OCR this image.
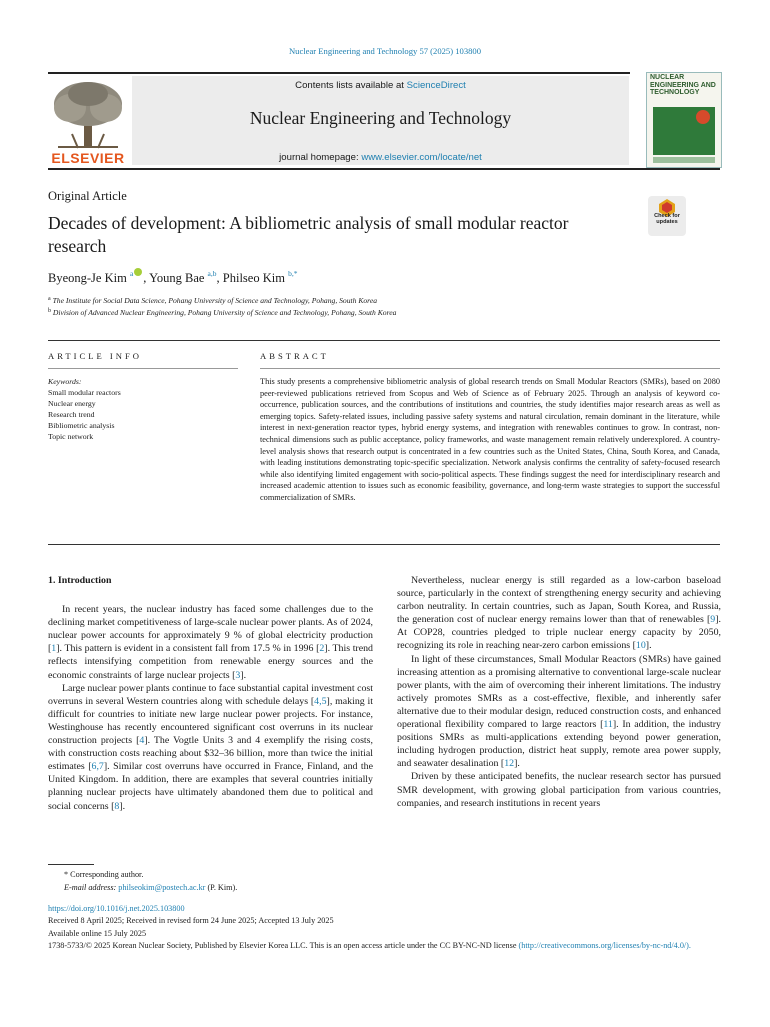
Nuclear Engineering and Technology 57 (2025) 103800
ELSEVIER
Contents lists available at ScienceDirect
Nuclear Engineering and Technology
journal homepage: www.elsevier.com/locate/net
NUCLEAR ENGINEERING AND TECHNOLOGY
Original Article
Decades of development: A bibliometric analysis of small modular reactor research
Check for updates
Byeong-Je Kim $^a$ , Young Bae $^{a,b}$, Philseo Kim $^{b,*}$
$^a$ The Institute for Social Data Science, Pohang University of Science and Technology, Pohang, South Korea
$^b$ Division of Advanced Nuclear Engineering, Pohang University of Science and Technology, Pohang, South Korea
ARTICLE INFO	ABSTRACT
Keywords:
Small modular reactors
Nuclear energy
Research trend
Bibliometric analysis
Topic network
This study presents a comprehensive bibliometric analysis of global research trends on Small Modular Reactors (SMRs), based on 2080 peer-reviewed publications retrieved from Scopus and Web of Science as of February 2025. Through an analysis of keyword co-occurrence, publication sources, and the contributions of institutions and countries, the study identifies major research areas as well as emerging topics. Safety-related issues, including passive safety systems and natural circulation, remain dominant in the literature, while interest in next-generation reactor types, hybrid energy systems, and integration with renewables continues to grow. In contrast, non-technical dimensions such as public acceptance, policy frameworks, and waste management remain relatively underexplored. A country-level analysis shows that research output is concentrated in a few countries such as the United States, China, South Korea, and Canada, with leading institutions demonstrating topic-specific specialization. Network analysis confirms the centrality of safety-focused research while also identifying limited engagement with socio-political aspects. These findings suggest the need for interdisciplinary research and increased academic attention to issues such as economic feasibility, governance, and long-term waste strategies to support the successful commercialization of SMRs.
1. Introduction

In recent years, the nuclear industry has faced some challenges due to the declining market competitiveness of large-scale nuclear power plants. As of 2024, nuclear power accounts for approximately 9 % of global electricity production [1]. This pattern is evident in a consistent fall from 17.5 % in 1996 [2]. This trend reflects intensifying competition from renewable energy sources and the economic constraints of large nuclear projects [3].

Large nuclear power plants continue to face substantial capital investment cost overruns in several Western countries along with schedule delays [4,5], making it difficult for countries to initiate new large nuclear power projects. For instance, Westinghouse has recently encountered significant cost overruns in its nuclear construction projects [4]. The Vogtle Units 3 and 4 exemplify the rising costs, with construction costs reaching about $32–36 billion, more than twice the initial estimates [6,7]. Similar cost overruns have occurred in France, Finland, and the United Kingdom. In addition, there are examples that several countries initially planning nuclear projects have ultimately abandoned them due to political and social concerns [8].

Nevertheless, nuclear energy is still regarded as a low-carbon baseload source, particularly in the context of strengthening energy security and achieving carbon neutrality. In certain countries, such as Japan, South Korea, and Russia, the generation cost of nuclear energy remains lower than that of renewables [9]. At COP28, countries pledged to triple nuclear energy capacity by 2050, recognizing its role in reaching near-zero carbon emissions [10].

In light of these circumstances, Small Modular Reactors (SMRs) have gained increasing attention as a promising alternative to conventional large-scale nuclear power plants, with the aim of overcoming their inherent limitations. The industry actively promotes SMRs as a cost-effective, flexible, and inherently safer alternative due to their modular design, reduced construction costs, and enhanced operational flexibility compared to large reactors [11]. In addition, the industry positions SMRs as multi-applications extending beyond power generation, including hydrogen production, district heat supply, remote area power supply, and seawater desalination [12].

Driven by these anticipated benefits, the nuclear research sector has pursued SMR development, with growing global participation from various countries, companies, and research institutions in recent years

* Corresponding author.
E-mail address: philseokim@postech.ac.kr (P. Kim).
https://doi.org/10.1016/j.net.2025.103800
Received 8 April 2025; Received in revised form 24 June 2025; Accepted 13 July 2025
Available online 15 July 2025
1738-5733/© 2025 Korean Nuclear Society, Published by Elsevier Korea LLC. This is an open access article under the CC BY-NC-ND license (http://creativecommons.org/licenses/by-nc-nd/4.0/).
